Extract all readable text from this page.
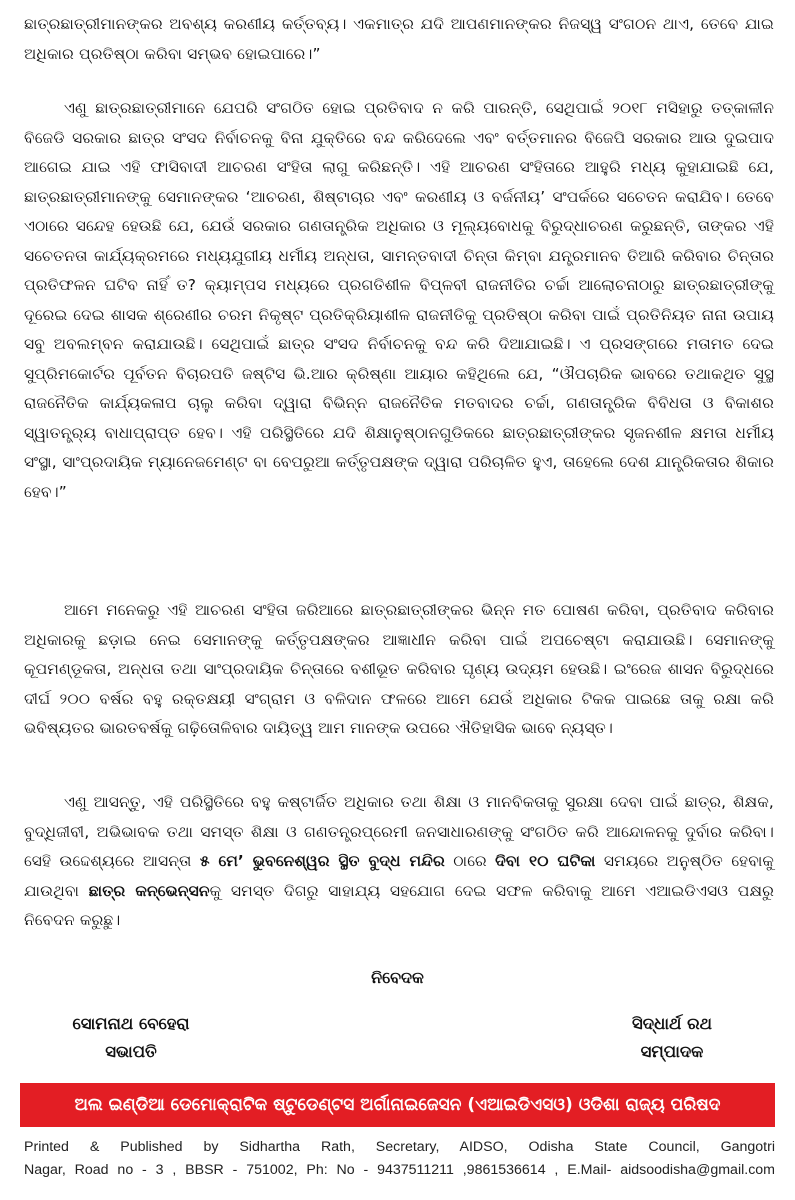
ଛାତ୍ରଛାତ୍ରୀମାନଙ୍କର ଅବଶ୍ୟ କରଣୀୟ କର୍ତ୍ତବ୍ୟ। ଏକମାତ୍ର ଯଦି ଆପଣମାନଙ୍କର ନିଜସ୍ୱ ସଂଗଠନ ଥାଏ, ତେବେ ଯାଇ ଅଧିକାର ପ୍ରତିଷ୍ଠା କରିବା ସମ୍ଭବ ହୋଇପାରେ।”

ଏଣୁ ଛାତ୍ରଛାତ୍ରୀମାନେ ଯେପରି ସଂଗଠିତ ହୋଇ ପ୍ରତିବାଦ ନ କରି ପାରନ୍ତି, ସେଥିପାଇଁ ୨୦୧୮ ମସିହାରୁ ତତ୍କାଳୀନ ବିଜେଡି ସରକାର ଛାତ୍ର ସଂସଦ ନିର୍ବାଚନକୁ ବିନା ଯୁକ୍ତିରେ ବନ୍ଦ କରିଦେଲେ ଏବଂ ବର୍ତ୍ତମାନର ବିଜେପି ସରକାର ଆଉ ଦୁଇପାଦ ଆଗେଇ ଯାଇ ଏହି ଫାସିବାଦୀ ଆଚରଣ ସଂହିତା ଲାଗୁ କରିଛନ୍ତି। ଏହି ଆଚରଣ ସଂହିତାରେ ଆହୁରି ମଧ୍ୟ କୁହାଯାଇଛି ଯେ, ଛାତ୍ରଛାତ୍ରୀମାନଙ୍କୁ ସେମାନଙ୍କର ‘ଆଚରଣ, ଶିଷ୍ଟାଚାର ଏବଂ କରଣୀୟ ଓ ବର୍ଜନୀୟ’ ସଂପର୍କରେ ସଚେତନ କରାଯିବ। ତେବେ ଏଠାରେ ସନ୍ଦେହ ହେଉଛି ଯେ, ଯେଉଁ ସରକାର ଗଣତାନ୍ତ୍ରିକ ଅଧିକାର ଓ ମୂଲ୍ୟବୋଧକୁ ବିରୁଦ୍ଧାଚରଣ କରୁଛନ୍ତି, ତାଙ୍କର ଏହି ସଚେତନତା କାର୍ଯ୍ୟକ୍ରମରେ ମଧ୍ୟଯୁଗୀୟ ଧର୍ମୀୟ ଅନ୍ଧତା, ସାମନ୍ତବାଦୀ ଚିନ୍ତା କିମ୍ବା ଯନ୍ତ୍ରମାନବ ତିଆରି କରିବାର ଚିନ୍ତାର ପ୍ରତିଫଳନ ଘଟିବ ନାହିଁ ତ? କ୍ୟାମ୍ପସ ମଧ୍ୟରେ ପ୍ରଗତିଶୀଳ ବିପ୍ଳବୀ ରାଜନୀତିର ଚର୍ଚ୍ଚା ଆଲୋଚନାଠାରୁ ଛାତ୍ରଛାତ୍ରୀଙ୍କୁ ଦୂରେଇ ଦେଇ ଶାସକ ଶ୍ରେଣୀର ଚରମ ନିକୃଷ୍ଟ ପ୍ରତିକ୍ରିୟାଶୀଳ ରାଜନୀତିକୁ ପ୍ରତିଷ୍ଠା କରିବା ପାଇଁ ପ୍ରତିନିୟତ ନାନା ଉପାୟ ସବୁ ଅବଲମ୍ବନ କରାଯାଉଛି। ସେଥିପାଇଁ ଛାତ୍ର ସଂସଦ ନିର୍ବାଚନକୁ ବନ୍ଦ କରି ଦିଆଯାଇଛି। ଏ ପ୍ରସଙ୍ଗରେ ମତାମତ ଦେଇ ସୁପ୍ରିମକୋର୍ଟର ପୂର୍ବତନ ବିଚାରପତି ଜଷ୍ଟିସ ଭି.ଆର କ୍ରିଷ୍ଣା ଆୟାର କହିଥିଲେ ଯେ, “ଔପଚାରିକ ଭାବରେ ତଥାକଥିତ ସୁସ୍ଥ ରାଜନୈତିକ କାର୍ଯ୍ୟକଳାପ ଚାଲୁ କରିବା ଦ୍ୱାରା ବିଭିନ୍ନ ରାଜନୈତିକ ମତବାଦର ଚର୍ଚ୍ଚା, ଗଣତାନ୍ତ୍ରିକ ବିବିଧତା ଓ ବିକାଶର ସ୍ୱାତନ୍ତ୍ର୍ୟ ବାଧାପ୍ରାପ୍ତ ହେବ। ଏହି ପରିସ୍ଥିତିରେ ଯଦି ଶିକ୍ଷାନୁଷ୍ଠାନଗୁଡିକରେ ଛାତ୍ରଛାତ୍ରୀଙ୍କର ସୃଜନଶୀଳ କ୍ଷମତା ଧର୍ମୀୟ ସଂସ୍ଥା, ସାଂପ୍ରଦାୟିକ ମ୍ୟାନେଜମେଣ୍ଟ ବା ବେପରୁଆ କର୍ତ୍ତୃପକ୍ଷଙ୍କ ଦ୍ୱାରା ପରିଚାଳିତ ହୁଏ, ତାହେଲେ ଦେଶ ଯାନ୍ତ୍ରିକତାର ଶିକାର ହେବ।”

ଆମେ ମନେକରୁ ଏହି ଆଚରଣ ସଂହିତା ଜରିଆରେ ଛାତ୍ରଛାତ୍ରୀଙ୍କର ଭିନ୍ନ ମତ ପୋଷଣ କରିବା, ପ୍ରତିବାଦ କରିବାର ଅଧିକାରକୁ ଛଡ଼ାଇ ନେଇ ସେମାନଙ୍କୁ କର୍ତ୍ତୃପକ୍ଷଙ୍କର ଆଜ୍ଞାଧୀନ କରିବା ପାଇଁ ଅପଚେଷ୍ଟା କରାଯାଉଛି। ସେମାନଙ୍କୁ କୂପମଣ୍ଡୂକତା, ଅନ୍ଧତା ତଥା ସାଂପ୍ରଦାୟିକ ଚିନ୍ତାରେ ବଶୀଭୂତ କରିବାର ଘୃଣ୍ୟ ଉଦ୍ୟମ ହେଉଛି। ଇଂରେଜ ଶାସନ ବିରୁଦ୍ଧରେ ଦୀର୍ଘ ୨୦୦ ବର୍ଷର ବହୁ ରକ୍ତକ୍ଷୟୀ ସଂଗ୍ରାମ ଓ ବଳିଦାନ ଫଳରେ ଆମେ ଯେଉଁ ଅଧିକାର ଟିକକ ପାଇଛେ ତାକୁ ରକ୍ଷା କରି ଭବିଷ୍ୟତର ଭାରତବର୍ଷକୁ ଗଢ଼ିତୋଳିବାର ଦାୟିତ୍ୱ ଆମ ମାନଙ୍କ ଉପରେ ଐତିହାସିକ ଭାବେ ନ୍ୟସ୍ତ।

ଏଣୁ ଆସନ୍ତୁ, ଏହି ପରିସ୍ଥିତିରେ ବହୁ କଷ୍ଟାର୍ଜିତ ଅଧିକାର ତଥା ଶିକ୍ଷା ଓ ମାନବିକତାକୁ ସୁରକ୍ଷା ଦେବା ପାଇଁ ଛାତ୍ର, ଶିକ୍ଷକ, ବୁଦ୍ଧିଜୀବୀ, ଅଭିଭାବକ ତଥା ସମସ୍ତ ଶିକ୍ଷା ଓ ଗଣତନ୍ତ୍ରପ୍ରେମୀ ଜନସାଧାରଣଙ୍କୁ ସଂଗଠିତ କରି ଆନ୍ଦୋଳନକୁ ଦୁର୍ବାର କରିବା। ସେହି ଉଦ୍ଦେଶ୍ୟରେ ଆସନ୍ତା ୫ ମେ’ ଭୁବନେଶ୍ୱର ସ୍ଥିତ ବୁଦ୍ଧ ମନ୍ଦିର ଠାରେ ଦିବା ୧୦ ଘଟିକା ସମୟରେ ଅନୁଷ୍ଠିତ ହେବାକୁ ଯାଉଥିବା ଛାତ୍ର କନ୍‌ଭେନ୍‌ସନକୁ ସମସ୍ତ ଦିଗରୁ ସାହାଯ୍ୟ ସହଯୋଗ ଦେଇ ସଫଳ କରିବାକୁ ଆମେ ଏଆଇଡିଏସଓ ପକ୍ଷରୁ ନିବେଦନ କରୁଛୁ।

ନିବେଦକ
ସୋମନାଥ ବେହେରା
ସଭାପତି
ସିଦ୍ଧାର୍ଥ ରଥ
ସମ୍ପାଦକ
ଅଲ ଇଣ୍ଡିଆ ଡେମୋକ୍ରାଟିକ ଷ୍ଟୁଡେଣ୍ଟସ ଅର୍ଗାନାଇଜେସନ (ଏଆଇଡିଏସଓ) ଓଡିଶା ରାଜ୍ୟ ପରିଷଦ
Printed & Published by Sidhartha Rath, Secretary, AIDSO, Odisha State Council, Gangotri
Nagar, Road no - 3 , BBSR - 751002, Ph: No - 9437511211 ,9861536614 , E.Mail- aidsoodisha@gmail.com
